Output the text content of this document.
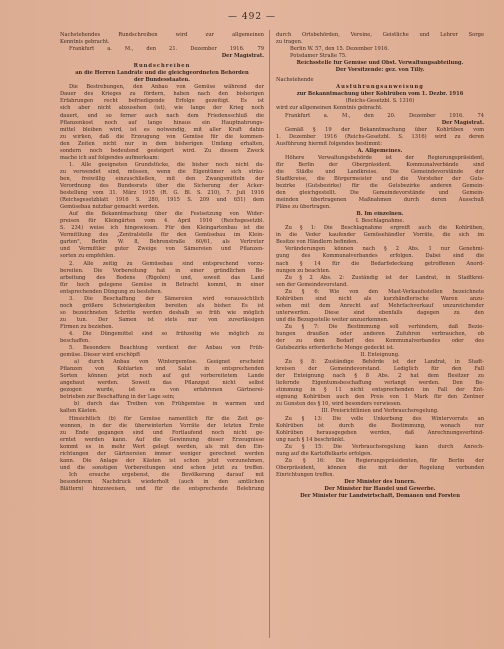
— 492 —
Nachstehendes Rundschreiben wird zur allgemeinen
Kenntnis gebracht.
Frankfurt a. M., den 21. Dezember 1916. 79
Der Magistrat.
Rundschreiben
an die Herren Landräte und die gleichgeordneten Behörden
der Bundesstaaten.
Die Bestrebungen, den Anbau von Gemüse während der
Dauer des Krieges zu fördern, haben nach den bisherigen
Erfahrungen recht befriedigende Erfolge gezeitigt. Es ist
sich aber nicht abzusehen (ist), wie lange der Krieg noch
dauert, und so ferner auch nach dem Friedensschluß die
Pflanzenkost noch auf lange hinaus ein Hauptnahrungs-
mittel bleiben wird, ist es notwendig, mit aller Kraft dahin
zu wirken, daß die Erzeugung von Gemüse für die kommen-
den Zeiten nicht nur in dem bisherigen Umfang erhalten,
sondern noch bedeutend gesteigert wird. Zu diesem Zweck
mache ich auf folgendes aufmerksam:
1. Alle geeigneten Grundstücke, die bisher noch nicht da-
zu verwendet sind, müssen, wenn die Eigentümer sich sträu-
ben, freiwillig einzuschließen, mit den Zwangsmitteln der
Verordnung des Bundesrats über die Sicherung der Acker-
bestellung vom 31. März 1915 (R. G. Bl. S. 210), 7. Juli 1916
(Reichsgesetzblatt 1916 S. 280, 1915 S. 209 und 651) dem
Gemüsebau nutzbar gemacht werden.
Auf die Bekanntmachung über die Festsetzung von Wider-
preisen für Kleingärten vom 4. April 1916 (Reichsgesetzbl.
S. 234) weise ich hingewiesen. Für den Kleingartenbau ist die
Vermittlung des „Zentralstelle für den Gemüsebau im Klein-
garten", Berlin W. 8, Behrenstraße 60/61, als Vertreter
und Vermittler guter Zweige von Sämereien und Pflanzen-
sorten zu empfehlen.
2. Alle zeitig zu Gemüsebau sind entsprechend vorzu-
bereiten. Die Vorbereitung hat in einer gründlichen Be-
arbeitung des Bodens (Rigolen) und, soweit das Land
für hoch gelegene Gemüse in Betracht kommt, in einer
entsprechenden Düngung zu bestehen.
3. Die Beschaffung der Sämereien wird voraussichtlich
noch größere Schwierigkeiten bereiten als bisher. Es ist
so bezeichneten Schritte werden deshalb so früh wie möglich
zu tun. Der Samen ist stets nur von zuverlässigen
Firmen zu beziehen.
4. Die Düngemittel sind so frühzeitig wie möglich zu
beschaffen.
5. Besondere Beachtung verdient der Anbau von Früh-
gemüse. Dieser wird erschöpft
a) durch Anbau von Wintergemüse. Geeignet erscheint
Pflanzen von Kohlarten und Salat in entsprechenden
Sorten können jetzt noch auf gut vorbereitetem Lande
angebaut werden. Soweit das Pflanzgut nicht selbst
gezogen wurde, ist es von erfahrenen Gärtnerei-
betrieben zur Beschaffung in der Lage sein;
b) durch das Treiben von Frühgemüse in warmen und
kalten Kästen.
Hinsichtlich (b) für Gemüse namentlich für die Zeit ge-
wonnen, in der die überwinterten Vorräte der letzten Ernte
zu Ende gegangen sind und Fortlaufend noch nicht ge-
erntet werden kann. Auf die Gewinnung dieser Erzeugnisse
kommt es in mehr Wert gelegt werden, als mit den Ein-
richtungen der Gärtnereien immer weniger gerechnet werden
kann. Die Anlage der Kästen ist schon jetzt vorzunehmen,
und die sonstigen Vorbereitungen sind schon jetzt zu treffen.
Ich ersuche ergebenst, die Bevölkerung darauf mit
besonderem Nachdruck wiederholt (auch in den amtlichen
Blättern) hinzuweisen, und für die entsprechende Belehrung
durch Ortsbehörden, Vereine, Geistliche und Lehrer Sorge
zu tragen.
Berlin W. 57, den 15. Dezember 1916.
Potsdamer Straße 75.
Reichsstelle für Gemüse und Obst. Verwaltungsabteilung.
Der Vorsitzende: gez. von Tilly.
Nachstehende
Ausführungsanweisung
zur Bekanntmachung über Kohlrüben vom 1. Dezbr. 1916
(Reichs-Gesetzbl. S. 1316)
wird zur allgemeinen Kenntnis gebracht.
Frankfurt a. M., den 20. Dezember 1916. 74
Der Magistrat.
Gemäß § 19 der Bekanntmachung über Kohlrüben vom
1. Dezember 1916 (Reichs-Gesetzbl. S. 1316) wird zu deren
Ausführung hiermit folgendes bestimmt:
A. Allgemeines.
Höhere Verwaltungsbehörde ist der Regierungspräsident,
für Berlin der Oberpräsident. Kommunalverbände sind
die Städte und Landkreise. Die Gemeindevorstände der
Stadtkreise, die Bürgermeister und die Vorsteher der Guts-
bezirke (Gutsbezirke) für die Gutsbezirke anderen Gemein-
den gleichgestellt. Die Gemeindevorstände und Gemein-
meinden übertragenen Maßnahmen durch deren Ausschuß
Pläne zu übertragen.
B. Im einzelnen.
I. Beschlagnahme.
Zu § 1: Die Beschlagnahme ergreift auch die Kohlrüben,
in die Veder kaufender Gemüsehändler Vorräte, die sich im
Besitze von Händlern befinden.
Veränderungen können nach § 2 Abs. 1 nur Genehmi-
gung des Kommunalverbandes erfolgen. Dabei sind die
nach § 14 für die Bedarfsdeckung getroffenen Anord-
nungen zu beachten.
Zu § 2 Abs. 2: Zuständig ist der Landrat, in Stadtkrei-
sen der Gemeindevorstand.
Zu § 6: Wie von den Mast-Verkaufsstellen bezeichnete
Kohlrüben sind nicht als kurzhändlerische Waren anzu-
sehen mit dem Anrecht auf Mehrfachverkauf unzureichender
unterwerfen. Diese sind ebenfalls dagegen zu den
und die Bezugsstelle weiter anzuerkennen.
Zu § 7: Die Bestimmung soll verhindern, daß Bezie-
hungen draußen oder anderen Zufuhren verbrauchen, ob
der zu dem Bedarf des Kommunalverbandes oder des
Gutsbezirks erforderliche Menge gedeckt ist.
II. Enteignung.
Zu § 8: Zuständige Behörde ist der Landrat, in Stadt-
kreisen der Gemeindevorstand. Lediglich für den Fall
der Enteignung nach § 8 Abs. 2 hat dem Besitzer zu
liefernde Eigentumsbeschaffung verlangt werden. Den Be-
stimmung in § 11 nicht entsprechenden im Fall der Ent-
eignung Kohlrüben auch den Preis von 1 Mark für den Zentner
zu Gunsten des § 10, wird besonders verwiesen.
III. Preisrichtlinien und Verbrauchsregelung.
Zu § 13: Die volle Unkerbung des Wintervorrats an
Kohlrüben ist durch die Bestimmung, wonach nur
Kohlrüben herausgegeben werden, daß Anrechnungsverbind-
ung nach § 14 beschränkt.
Zu § 15: Die Verbrauchsregelung kann durch Anrech-
nung auf die Kartoffelkarte erfolgen.
Zu § 16: Die Regierungspräsidenten, für Berlin der
Oberpräsident, können die mit der Regelung verbunden
Einrichtungen treffen.
Der Minister des Innern.
Der Minister für Handel und Gewerbe.
Der Minister für Landwirtschaft, Domänen und Forsten
